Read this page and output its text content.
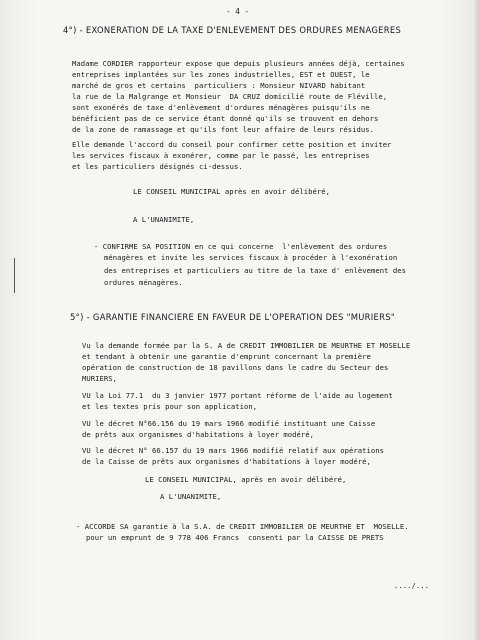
- 4 -
4°) - EXONERATION DE LA TAXE D'ENLEVEMENT DES ORDURES MENAGERES
Madame CORDIER rapporteur expose que depuis plusieurs années déjà, certaines
entreprises implantées sur les zones industrielles, EST et OUEST, le
marché de gros et certains  particuliers : Monsieur NIVARD habitant
la rue de la Malgrange et Monsieur  DA CRUZ domicilié route de Fléville,
sont exonérés de taxe d'enlèvement d'ordures ménagères puisqu'ils ne
bénéficient pas de ce service étant donné qu'ils se trouvent en dehors
de la zone de ramassage et qu'ils font leur affaire de leurs résidus.
Elle demande l'accord du conseil pour confirmer cette position et inviter
les services fiscaux à exonérer, comme par le passé, les entreprises
et les particuliers désignés ci-dessus.
LE CONSEIL MUNICIPAL après en avoir délibéré,
A L'UNANIMITE,
- CONFIRME SA POSITION en ce qui concerne  l'enlèvement des ordures
ménagères et invite les services fiscaux à procéder à l'exonération
des entreprises et particuliers au titre de la taxe d' enlèvement des
ordures ménagères.
5°) - GARANTIE FINANCIERE EN FAVEUR DE L'OPERATION DES "MURIERS"
Vu la demande formée par la S. A de CREDIT IMMOBILIER DE MEURTHE ET MOSELLE
et tendant à obtenir une garantie d'emprunt concernant la première
opération de construction de 18 pavillons dans le cadre du Secteur des
MURIERS,
VU la Loi 77.1  du 3 janvier 1977 portant réforme de l'aide au logement
et les textes pris pour son application,
VU le décret N°66.156 du 19 mars 1966 modifié instituant une Caisse
de prêts aux organismes d'habitations à loyer modéré,
VU le décret N° 66.157 du 19 mars 1966 modifié relatif aux opérations
de la Caisse de prêts aux organismes d'habitations à loyer modéré,
LE CONSEIL MUNICIPAL, après en avoir délibéré,
A L'UNANIMITE,
- ACCORDE SA garantie à la S.A. de CREDIT IMMOBILIER DE MEURTHE ET  MOSELLE.
pour un emprunt de 9 778 406 Francs  consenti par la CAISSE DE PRETS
..../...
